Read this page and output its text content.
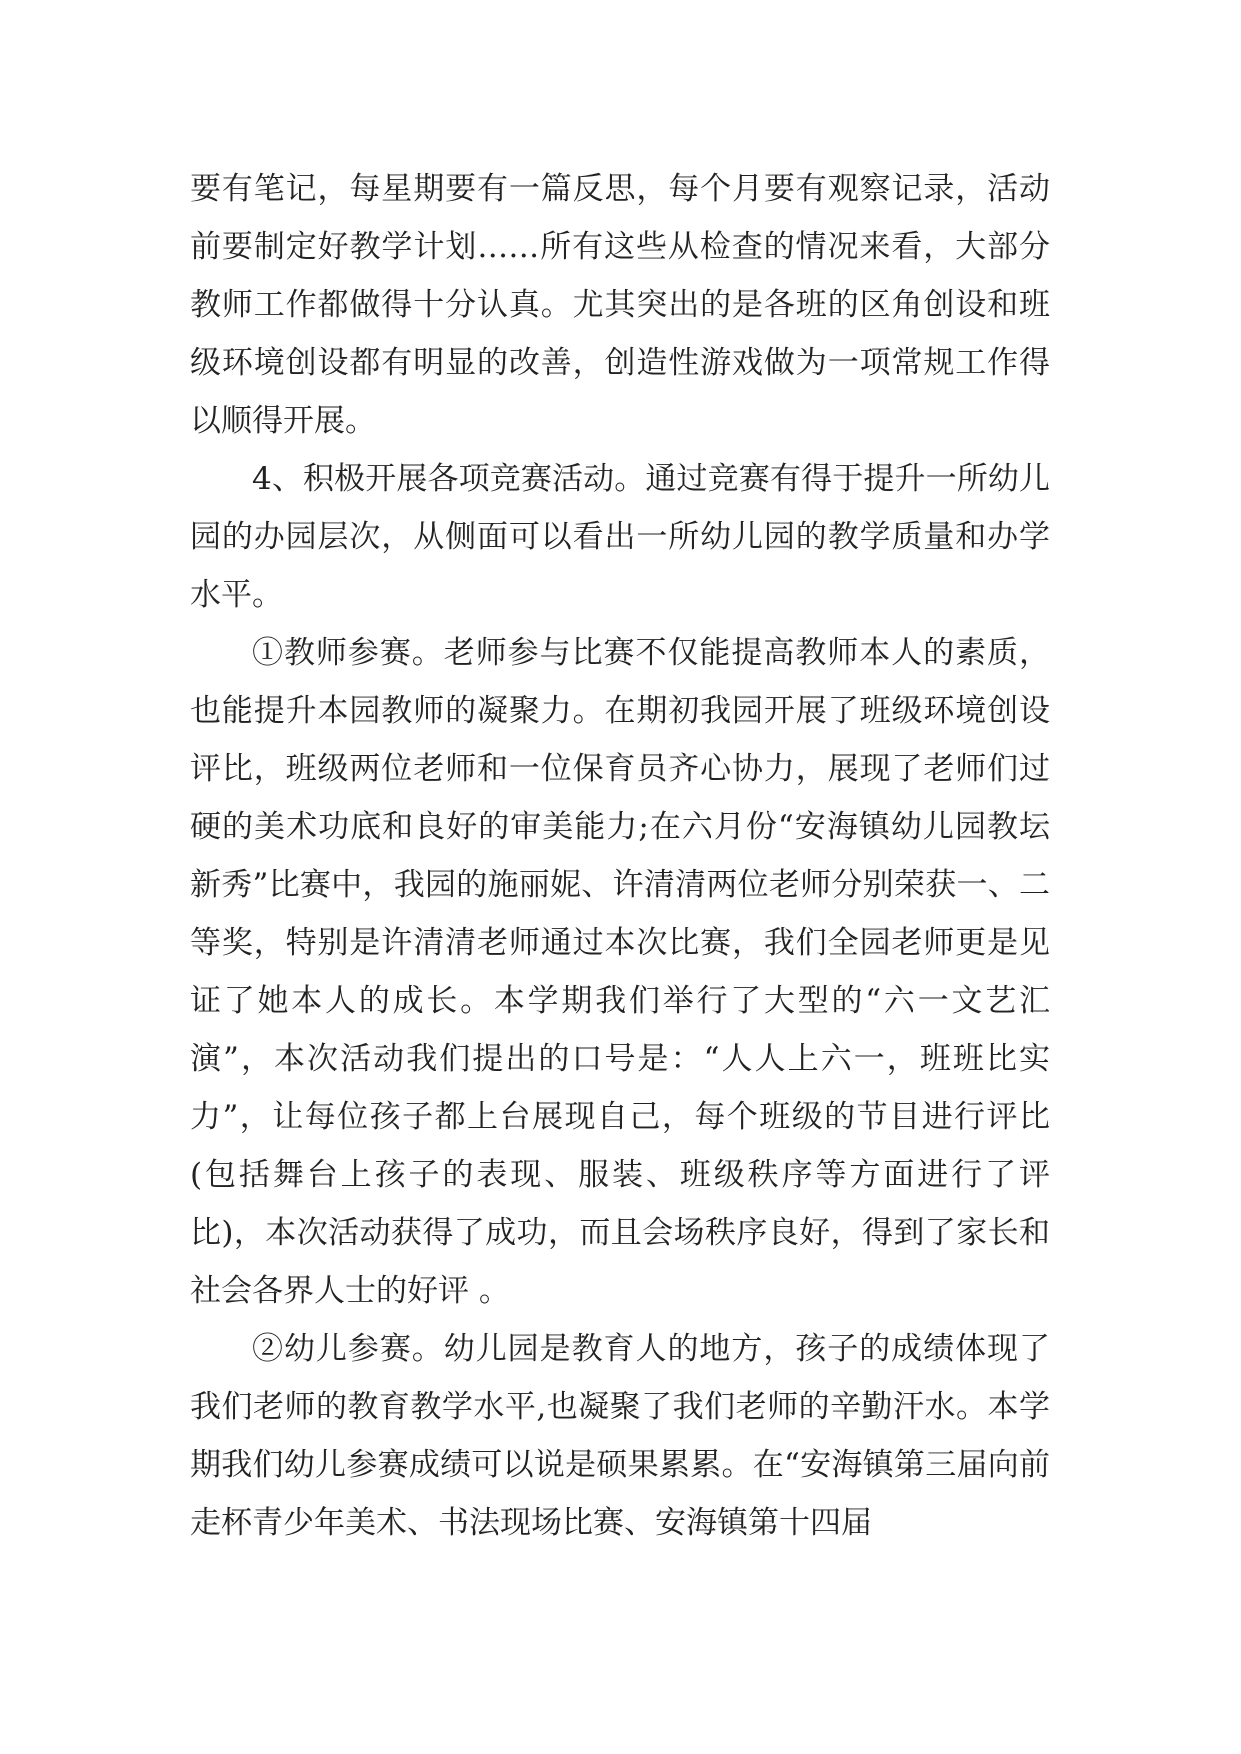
要有笔记，每星期要有一篇反思，每个月要有观察记录，活动前要制定好教学计划……所有这些从检查的情况来看，大部分教师工作都做得十分认真。尤其突出的是各班的区角创设和班级环境创设都有明显的改善，创造性游戏做为一项常规工作得以顺得开展。

4、积极开展各项竞赛活动。通过竞赛有得于提升一所幼儿园的办园层次，从侧面可以看出一所幼儿园的教学质量和办学水平。

①教师参赛。老师参与比赛不仅能提高教师本人的素质，也能提升本园教师的凝聚力。在期初我园开展了班级环境创设评比，班级两位老师和一位保育员齐心协力，展现了老师们过硬的美术功底和良好的审美能力;在六月份“安海镇幼儿园教坛新秀”比赛中，我园的施丽妮、许清清两位老师分别荣获一、二等奖，特别是许清清老师通过本次比赛，我们全园老师更是见证了她本人的成长。本学期我们举行了大型的“六一文艺汇演”，本次活动我们提出的口号是：“人人上六一，班班比实力”，让每位孩子都上台展现自己，每个班级的节目进行评比(包括舞台上孩子的表现、服装、班级秩序等方面进行了评比)，本次活动获得了成功，而且会场秩序良好，得到了家长和社会各界人士的好评 。

②幼儿参赛。幼儿园是教育人的地方，孩子的成绩体现了我们老师的教育教学水平,也凝聚了我们老师的辛勤汗水。本学期我们幼儿参赛成绩可以说是硕果累累。在“安海镇第三届向前走杯青少年美术、书法现场比赛、安海镇第十四届
